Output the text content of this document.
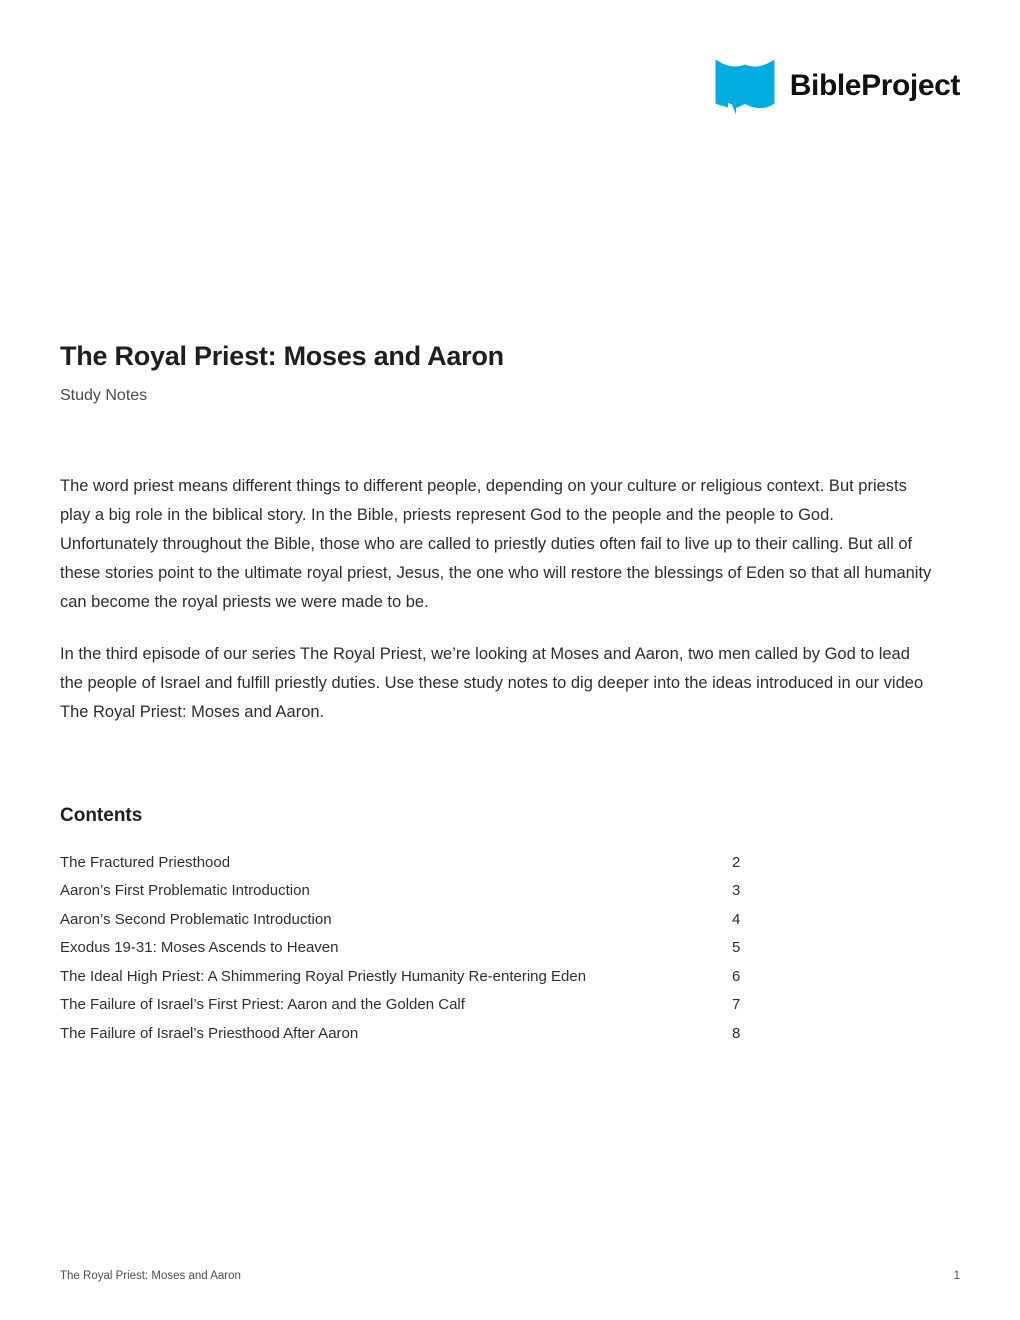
BibleProject
The Royal Priest: Moses and Aaron

Study Notes

The word priest means different things to different people, depending on your culture or religious context. But priests play a big role in the biblical story. In the Bible, priests represent God to the people and the people to God. Unfortunately throughout the Bible, those who are called to priestly duties often fail to live up to their calling. But all of these stories point to the ultimate royal priest, Jesus, the one who will restore the blessings of Eden so that all humanity can become the royal priests we were made to be.

In the third episode of our series The Royal Priest, we’re looking at Moses and Aaron, two men called by God to lead the people of Israel and fulfill priestly duties. Use these study notes to dig deeper into the ideas introduced in our video The Royal Priest: Moses and Aaron.

Contents
The Fractured Priesthood	2
Aaron’s First Problematic Introduction	3
Aaron’s Second Problematic Introduction	4
Exodus 19-31: Moses Ascends to Heaven	5
The Ideal High Priest: A Shimmering Royal Priestly Humanity Re-entering Eden	6
The Failure of Israel’s First Priest: Aaron and the Golden Calf	7
The Failure of Israel’s Priesthood After Aaron	8
The Royal Priest: Moses and Aaron	1
